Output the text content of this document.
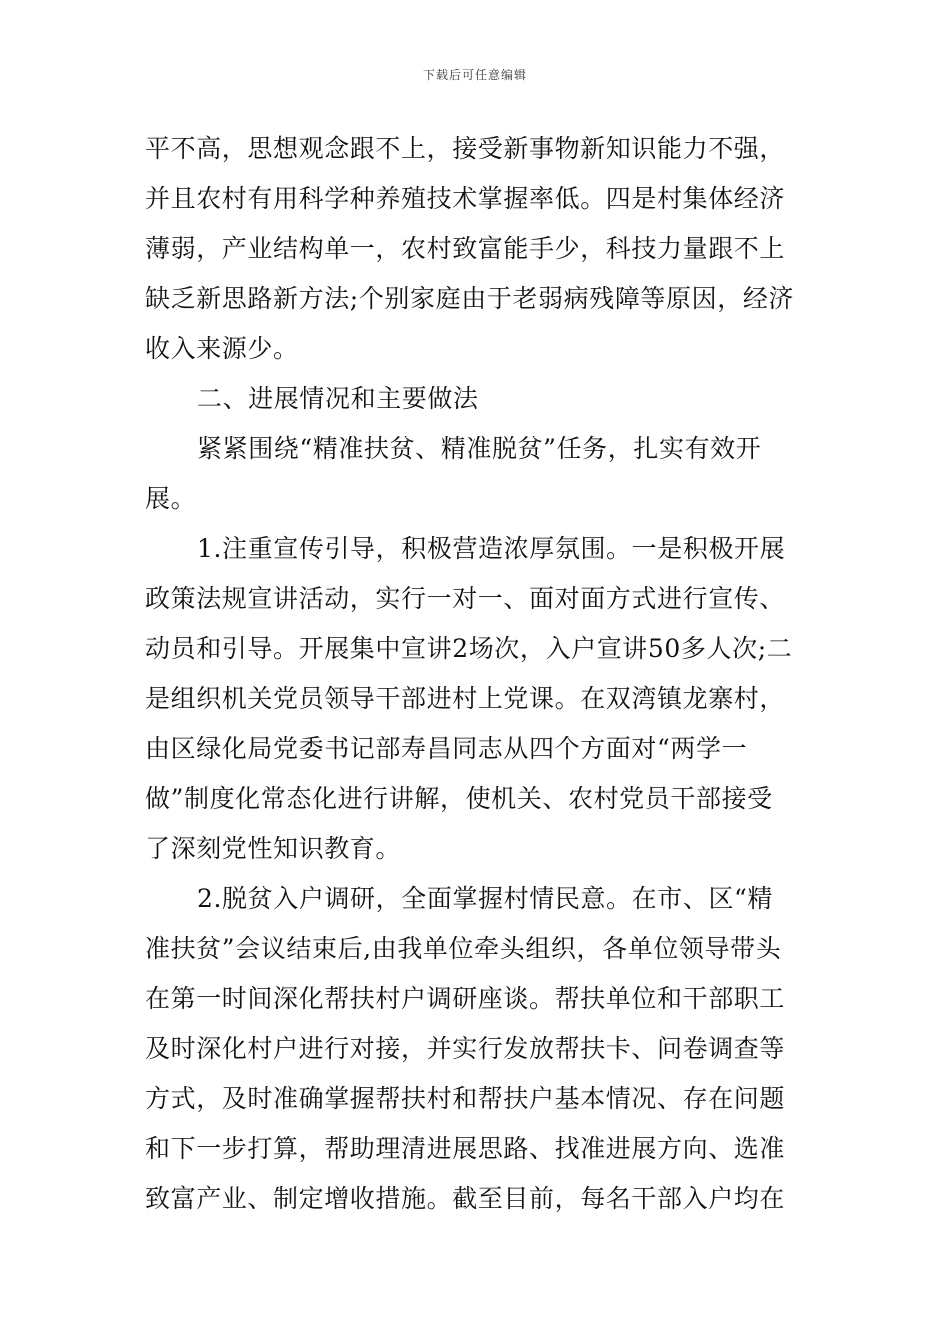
下载后可任意编辑
平不高，思想观念跟不上，接受新事物新知识能力不强，
并且农村有用科学种养殖技术掌握率低。四是村集体经济
薄弱，产业结构单一，农村致富能手少，科技力量跟不上
缺乏新思路新方法;个别家庭由于老弱病残障等原因，经济
收入来源少。
二、进展情况和主要做法
紧紧围绕“精准扶贫、精准脱贫”任务，扎实有效开
展。
1.注重宣传引导，积极营造浓厚氛围。一是积极开展
政策法规宣讲活动，实行一对一、面对面方式进行宣传、
动员和引导。开展集中宣讲2场次，入户宣讲50多人次;二
是组织机关党员领导干部进村上党课。在双湾镇龙寨村，
由区绿化局党委书记部寿昌同志从四个方面对“两学一
做”制度化常态化进行讲解，使机关、农村党员干部接受
了深刻党性知识教育。
2.脱贫入户调研，全面掌握村情民意。在市、区“精
准扶贫”会议结束后,由我单位牵头组织，各单位领导带头
在第一时间深化帮扶村户调研座谈。帮扶单位和干部职工
及时深化村户进行对接，并实行发放帮扶卡、问卷调查等
方式，及时准确掌握帮扶村和帮扶户基本情况、存在问题
和下一步打算，帮助理清进展思路、找准进展方向、选准
致富产业、制定增收措施。截至目前，每名干部入户均在
